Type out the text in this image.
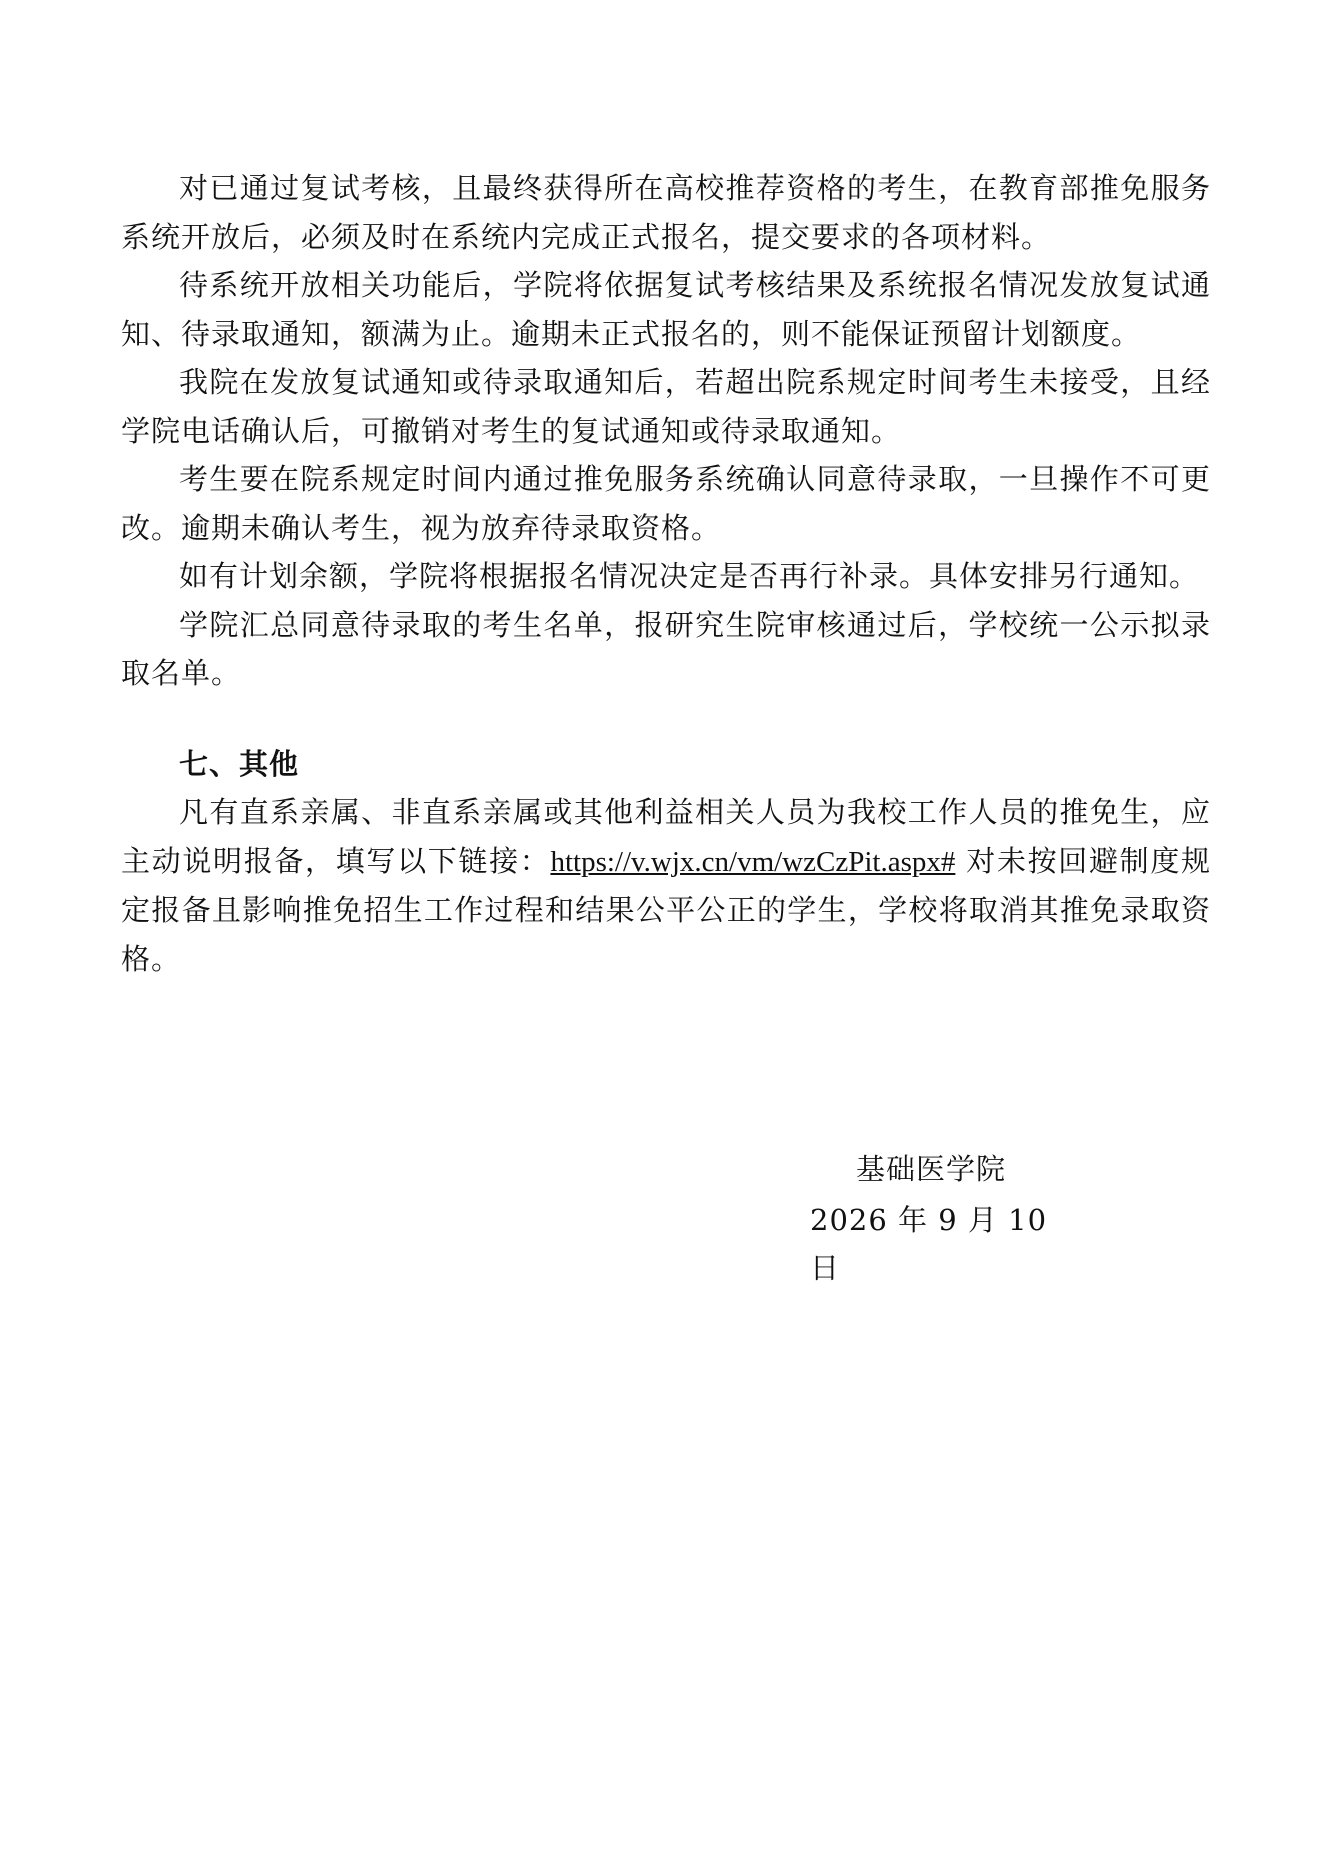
对已通过复试考核，且最终获得所在高校推荐资格的考生，在教育部推免服务系统开放后，必须及时在系统内完成正式报名，提交要求的各项材料。

待系统开放相关功能后，学院将依据复试考核结果及系统报名情况发放复试通知、待录取通知，额满为止。逾期未正式报名的，则不能保证预留计划额度。

我院在发放复试通知或待录取通知后，若超出院系规定时间考生未接受，且经学院电话确认后，可撤销对考生的复试通知或待录取通知。

考生要在院系规定时间内通过推免服务系统确认同意待录取，一旦操作不可更改。逾期未确认考生，视为放弃待录取资格。

如有计划余额，学院将根据报名情况决定是否再行补录。具体安排另行通知。

学院汇总同意待录取的考生名单，报研究生院审核通过后，学校统一公示拟录取名单。

七、其他

凡有直系亲属、非直系亲属或其他利益相关人员为我校工作人员的推免生，应主动说明报备，填写以下链接：https://v.wjx.cn/vm/wzCzPit.aspx# 对未按回避制度规定报备且影响推免招生工作过程和结果公平公正的学生，学校将取消其推免录取资格。

基础医学院
2026 年 9 月 10 日
